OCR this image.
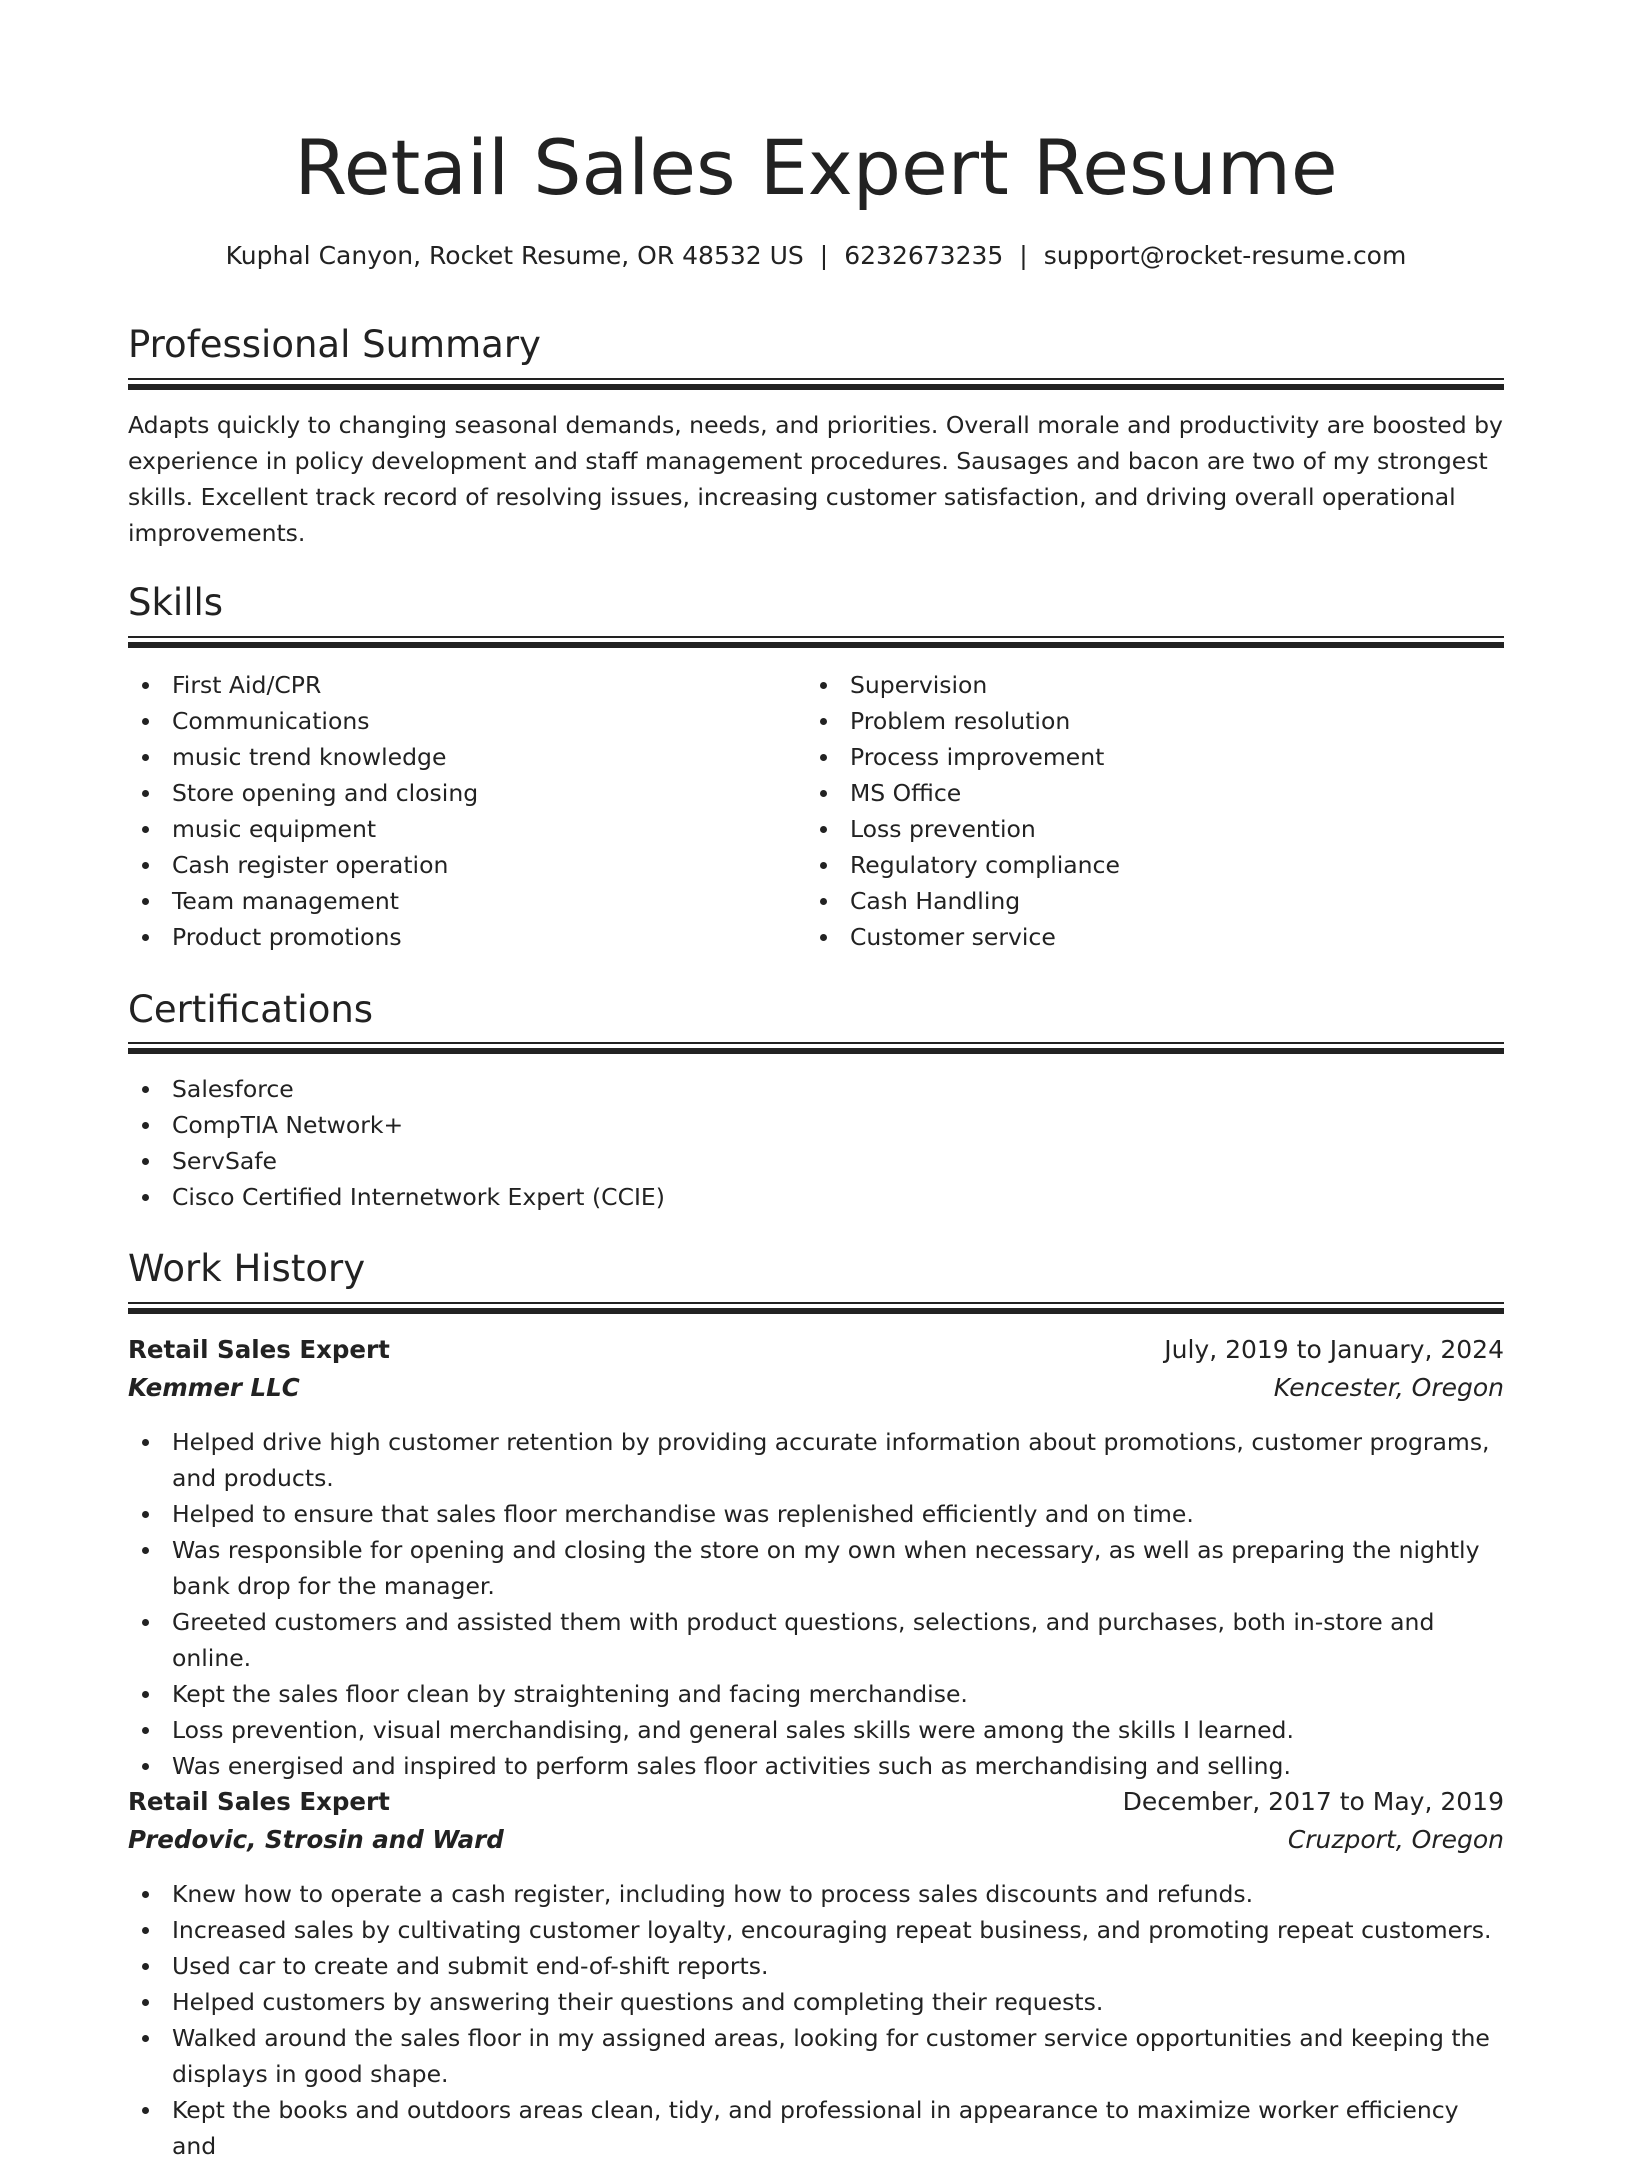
Retail Sales Expert Resume
Kuphal Canyon, Rocket Resume, OR 48532 US | 6232673235 | support@rocket-resume.com
Professional Summary

Adapts quickly to changing seasonal demands, needs, and priorities. Overall morale and productivity are boosted by experience in policy development and staff management procedures. Sausages and bacon are two of my strongest skills. Excellent track record of resolving issues, increasing customer satisfaction, and driving overall operational improvements.

Skills
First Aid/CPR
Communications
music trend knowledge
Store opening and closing
music equipment
Cash register operation
Team management
Product promotions
Supervision
Problem resolution
Process improvement
MS Office
Loss prevention
Regulatory compliance
Cash Handling
Customer service
Certifications
Salesforce
CompTIA Network+
ServSafe
Cisco Certified Internetwork Expert (CCIE)
Work History
Retail Sales Expert	July, 2019 to January, 2024
Kemmer LLC	Kencester, Oregon
Helped drive high customer retention by providing accurate information about promotions, customer programs, and products.
Helped to ensure that sales floor merchandise was replenished efficiently and on time.
Was responsible for opening and closing the store on my own when necessary, as well as preparing the nightly bank drop for the manager.
Greeted customers and assisted them with product questions, selections, and purchases, both in-store and online.
Kept the sales floor clean by straightening and facing merchandise.
Loss prevention, visual merchandising, and general sales skills were among the skills I learned.
Was energised and inspired to perform sales floor activities such as merchandising and selling.
Retail Sales Expert	December, 2017 to May, 2019
Predovic, Strosin and Ward	Cruzport, Oregon
Knew how to operate a cash register, including how to process sales discounts and refunds.
Increased sales by cultivating customer loyalty, encouraging repeat business, and promoting repeat customers.
Used car to create and submit end-of-shift reports.
Helped customers by answering their questions and completing their requests.
Walked around the sales floor in my assigned areas, looking for customer service opportunities and keeping the displays in good shape.
Kept the books and outdoors areas clean, tidy, and professional in appearance to maximize worker efficiency and
